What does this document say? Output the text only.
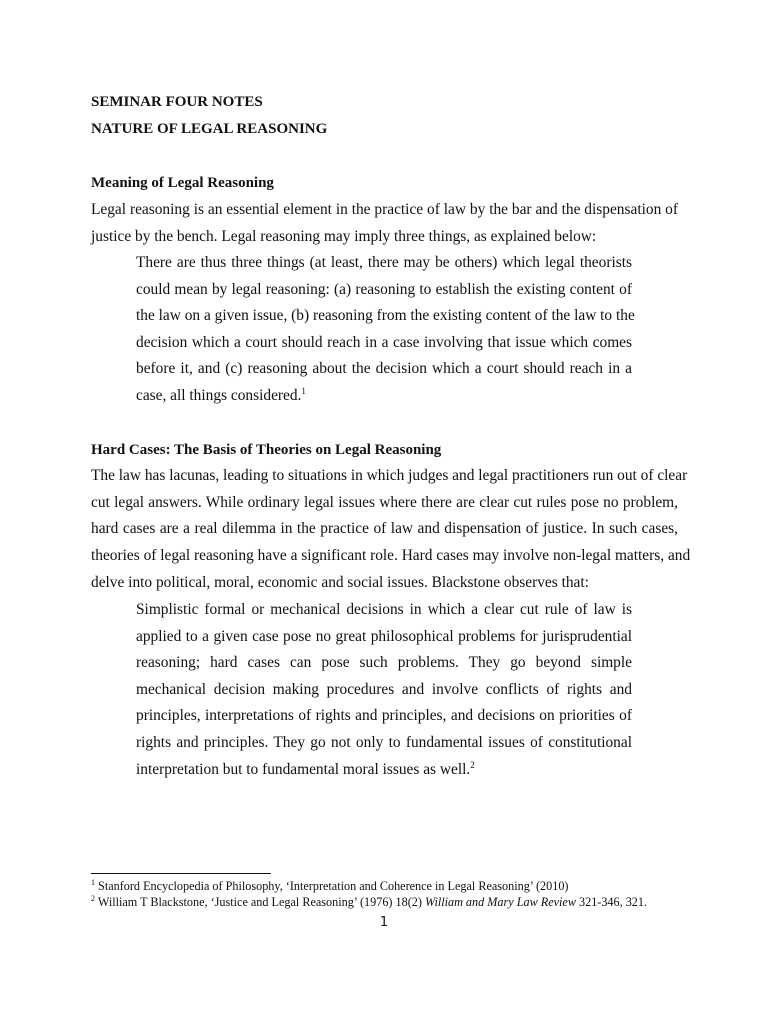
SEMINAR FOUR NOTES
NATURE OF LEGAL REASONING
Meaning of Legal Reasoning
Legal reasoning is an essential element in the practice of law by the bar and the dispensation of
justice by the bench. Legal reasoning may imply three things, as explained below:
There are thus three things (at least, there may be others) which legal theorists
could mean by legal reasoning: (a) reasoning to establish the existing content of
the law on a given issue, (b) reasoning from the existing content of the law to the
decision which a court should reach in a case involving that issue which comes
before it, and (c) reasoning about the decision which a court should reach in a
case, all things considered.$^1$
Hard Cases: The Basis of Theories on Legal Reasoning
The law has lacunas, leading to situations in which judges and legal practitioners run out of clear
cut legal answers. While ordinary legal issues where there are clear cut rules pose no problem,
hard cases are a real dilemma in the practice of law and dispensation of justice. In such cases,
theories of legal reasoning have a significant role. Hard cases may involve non-legal matters, and
delve into political, moral, economic and social issues. Blackstone observes that:
Simplistic formal or mechanical decisions in which a clear cut rule of law is
applied to a given case pose no great philosophical problems for jurisprudential
reasoning; hard cases can pose such problems. They go beyond simple
mechanical decision making procedures and involve conflicts of rights and
principles, interpretations of rights and principles, and decisions on priorities of
rights and principles. They go not only to fundamental issues of constitutional
interpretation but to fundamental moral issues as well.$^2$
$^1$ Stanford Encyclopedia of Philosophy, ‘Interpretation and Coherence in Legal Reasoning’ (2010)
$^2$ William T Blackstone, ‘Justice and Legal Reasoning’ (1976) 18(2) William and Mary Law Review 321-346, 321.
1
